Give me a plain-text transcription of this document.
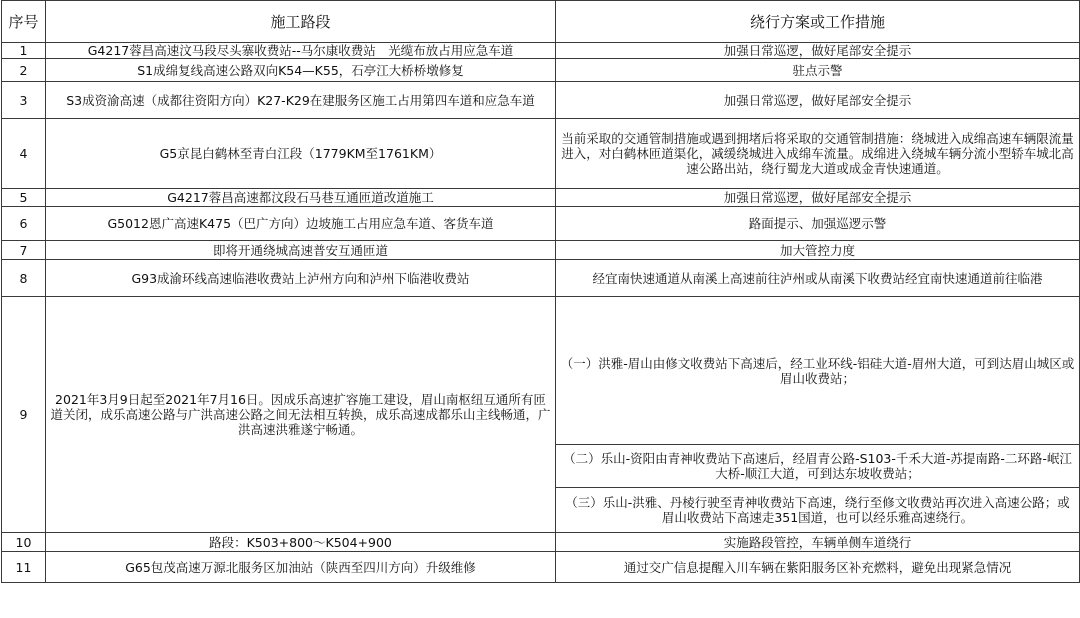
序号	施工路段	绕行方案或工作措施
1	G4217蓉昌高速汶马段尽头寨收费站--马尔康收费站　光缆布放占用应急车道	加强日常巡逻，做好尾部安全提示
2	S1成绵复线高速公路双向K54—K55，石亭江大桥桥墩修复	驻点示警
3	S3成资渝高速（成都往资阳方向）K27-K29在建服务区施工占用第四车道和应急车道	加强日常巡逻，做好尾部安全提示
4	G5京昆白鹤林至青白江段（1779KM至1761KM）	当前采取的交通管制措施或遇到拥堵后将采取的交通管制措施：绕城进入成绵高速车辆限流量进入，对白鹤林匝道渠化，减缓绕城进入成绵车流量。成绵进入绕城车辆分流小型轿车城北高速公路出站，绕行蜀龙大道或成金青快速通道。
5	G4217蓉昌高速都汶段石马巷互通匝道改道施工	加强日常巡逻，做好尾部安全提示
6	G5012恩广高速K475（巴广方向）边坡施工占用应急车道、客货车道	路面提示、加强巡逻示警
7	即将开通绕城高速普安互通匝道	加大管控力度
8	G93成渝环线高速临港收费站上泸州方向和泸州下临港收费站	经宜南快速通道从南溪上高速前往泸州或从南溪下收费站经宜南快速通道前往临港
9	2021年3月9日起至2021年7月16日。因成乐高速扩容施工建设，眉山南枢纽互通所有匝道关闭，成乐高速公路与广洪高速公路之间无法相互转换，成乐高速成都乐山主线畅通，广洪高速洪雅遂宁畅通。	（一）洪雅-眉山由修文收费站下高速后，经工业环线-铝硅大道-眉州大道，可到达眉山城区或眉山收费站；
		（二）乐山-资阳由青神收费站下高速后，经眉青公路-S103-千禾大道-苏提南路-二环路-岷江大桥-顺江大道，可到达东坡收费站；
		（三）乐山-洪雅、丹棱行驶至青神收费站下高速，绕行至修文收费站再次进入高速公路；或眉山收费站下高速走351国道，也可以经乐雅高速绕行。
10	路段：K503+800～K504+900	实施路段管控，车辆单侧车道绕行
11	G65包茂高速万源北服务区加油站（陕西至四川方向）升级维修	通过交广信息提醒入川车辆在紫阳服务区补充燃料，避免出现紧急情况
